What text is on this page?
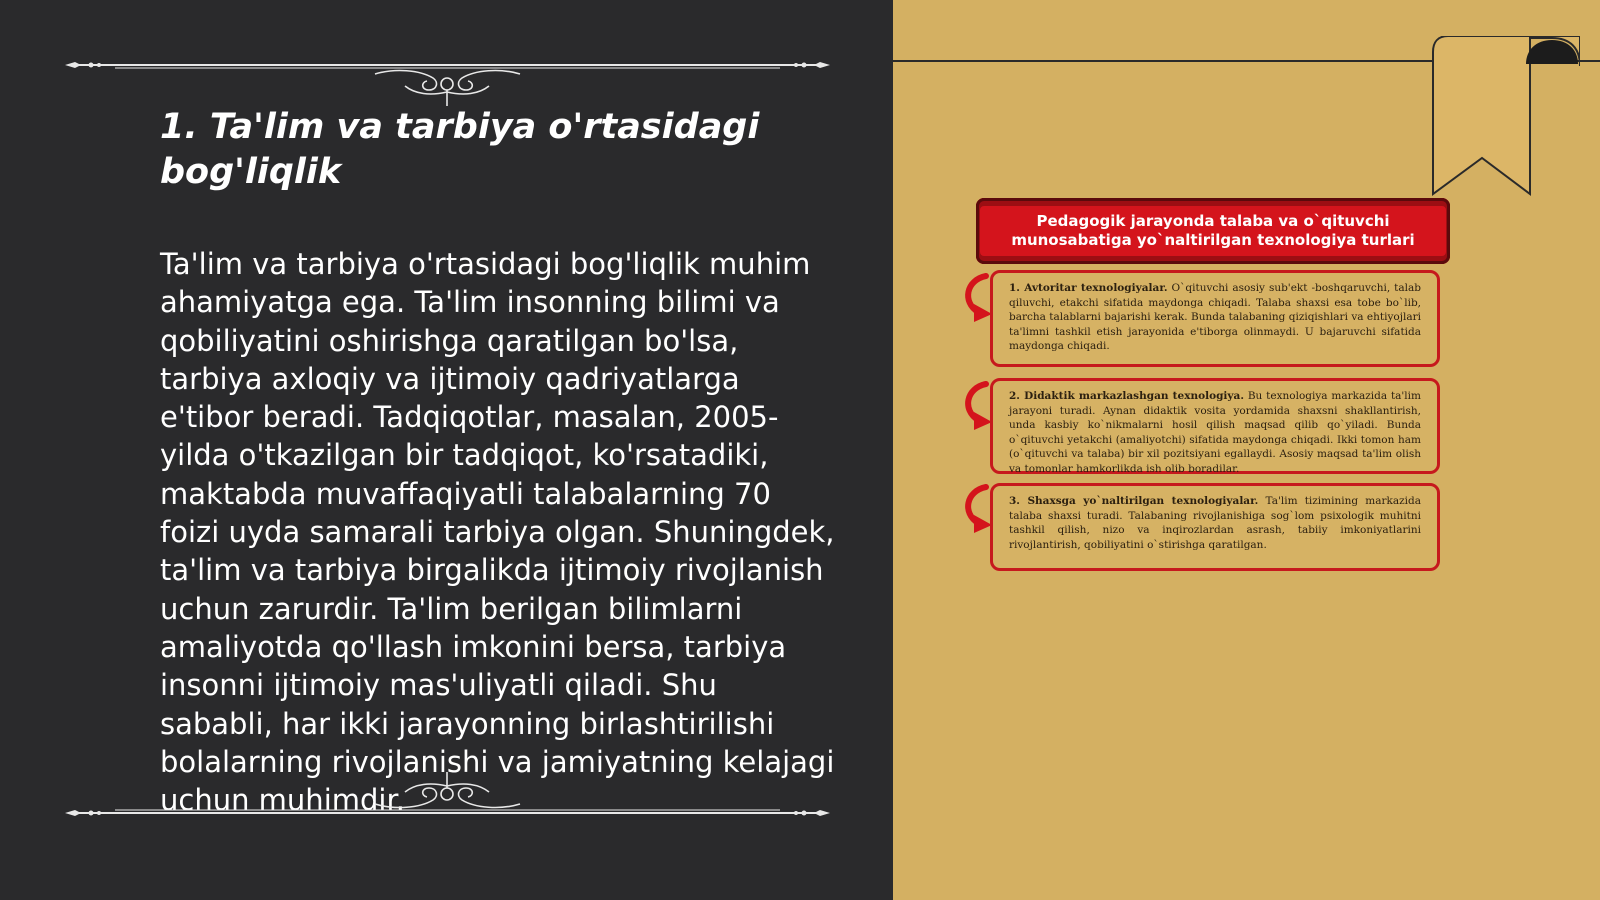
1. Ta'lim va tarbiya o'rtasidagi bog'liqlik

Ta'lim va tarbiya o'rtasidagi bog'liqlik muhim ahamiyatga ega. Ta'lim insonning bilimi va qobiliyatini oshirishga qaratilgan bo'lsa, tarbiya axloqiy va ijtimoiy qadriyatlarga e'tibor beradi. Tadqiqotlar, masalan, 2005-yilda o'tkazilgan bir tadqiqot, ko'rsatadiki, maktabda muvaffaqiyatli talabalarning 70 foizi uyda samarali tarbiya olgan. Shuningdek, ta'lim va tarbiya birgalikda ijtimoiy rivojlanish uchun zarurdir. Ta'lim berilgan bilimlarni amaliyotda qo'llash imkonini bersa, tarbiya insonni ijtimoiy mas'uliyatli qiladi. Shu sababli, har ikki jarayonning birlashtirilishi bolalarning rivojlanishi va jamiyatning kelajagi uchun muhimdir.

Pedagogik jarayonda talaba va o`qituvchi munosabatiga yo`naltirilgan texnologiya turlari

1. Avtoritar texnologiyalar. O`qituvchi asosiy sub'ekt -boshqaruvchi, talab qiluvchi, etakchi sifatida maydonga chiqadi. Talaba shaxsi esa tobe bo`lib, barcha talablarni bajarishi kerak. Bunda talabaning qiziqishlari va ehtiyojlari ta'limni tashkil etish jarayonida e'tiborga olinmaydi. U bajaruvchi sifatida maydonga chiqadi.

2. Didaktik markazlashgan texnologiya. Bu texnologiya markazida ta'lim jarayoni turadi. Aynan didaktik vosita yordamida shaxsni shakllantirish, unda kasbiy ko`nikmalarni hosil qilish maqsad qilib qo`yiladi. Bunda o`qituvchi yetakchi (amaliyotchi) sifatida maydonga chiqadi. Ikki tomon ham (o`qituvchi va talaba) bir xil pozitsiyani egallaydi. Asosiy maqsad ta'lim olish va tomonlar hamkorlikda ish olib boradilar.

3. Shaxsga yo`naltirilgan texnologiyalar. Ta'lim tizimining markazida talaba shaxsi turadi. Talabaning rivojlanishiga sog`lom psixologik muhitni tashkil qilish, nizo va inqirozlardan asrash, tabiiy imkoniyatlarini rivojlantirish, qobiliyatini o`stirishga qaratilgan.
